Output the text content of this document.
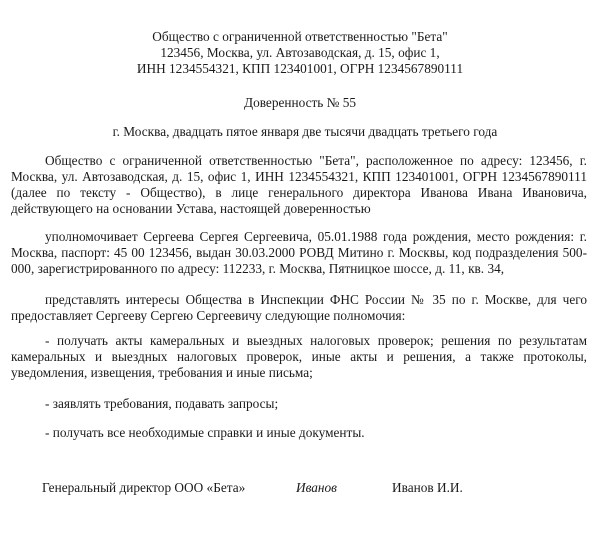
Общество с ограниченной ответственностью "Бета"
123456, Москва, ул. Автозаводская, д. 15, офис 1,
ИНН 1234554321, КПП 123401001, ОГРН 1234567890111
Доверенность № 55
г. Москва, двадцать пятое января две тысячи двадцать третьего года

Общество с ограниченной ответственностью "Бета", расположенное по адресу: 123456, г. Москва, ул. Автозаводская, д. 15, офис 1, ИНН 1234554321, КПП 123401001, ОГРН 1234567890111 (далее по тексту - Общество), в лице генерального директора Иванова Ивана Ивановича, действующего на основании Устава, настоящей доверенностью

уполномочивает Сергеева Сергея Сергеевича, 05.01.1988 года рождения, место рождения: г. Москва, паспорт: 45 00 123456, выдан 30.03.2000 РОВД Митино г. Москвы, код подразделения 500-000, зарегистрированного по адресу: 112233, г. Москва, Пятницкое шоссе, д. 11, кв. 34,

представлять интересы Общества в Инспекции ФНС России № 35 по г. Москве, для чего предоставляет Сергееву Сергею Сергеевичу следующие полномочия:

- получать акты камеральных и выездных налоговых проверок; решения по результатам камеральных и выездных налоговых проверок, иные акты и решения, а также протоколы, уведомления, извещения, требования и иные письма;

- заявлять требования, подавать запросы;

- получать все необходимые справки и иные документы.

Генеральный директор ООО «Бета»	Иванов	Иванов И.И.
